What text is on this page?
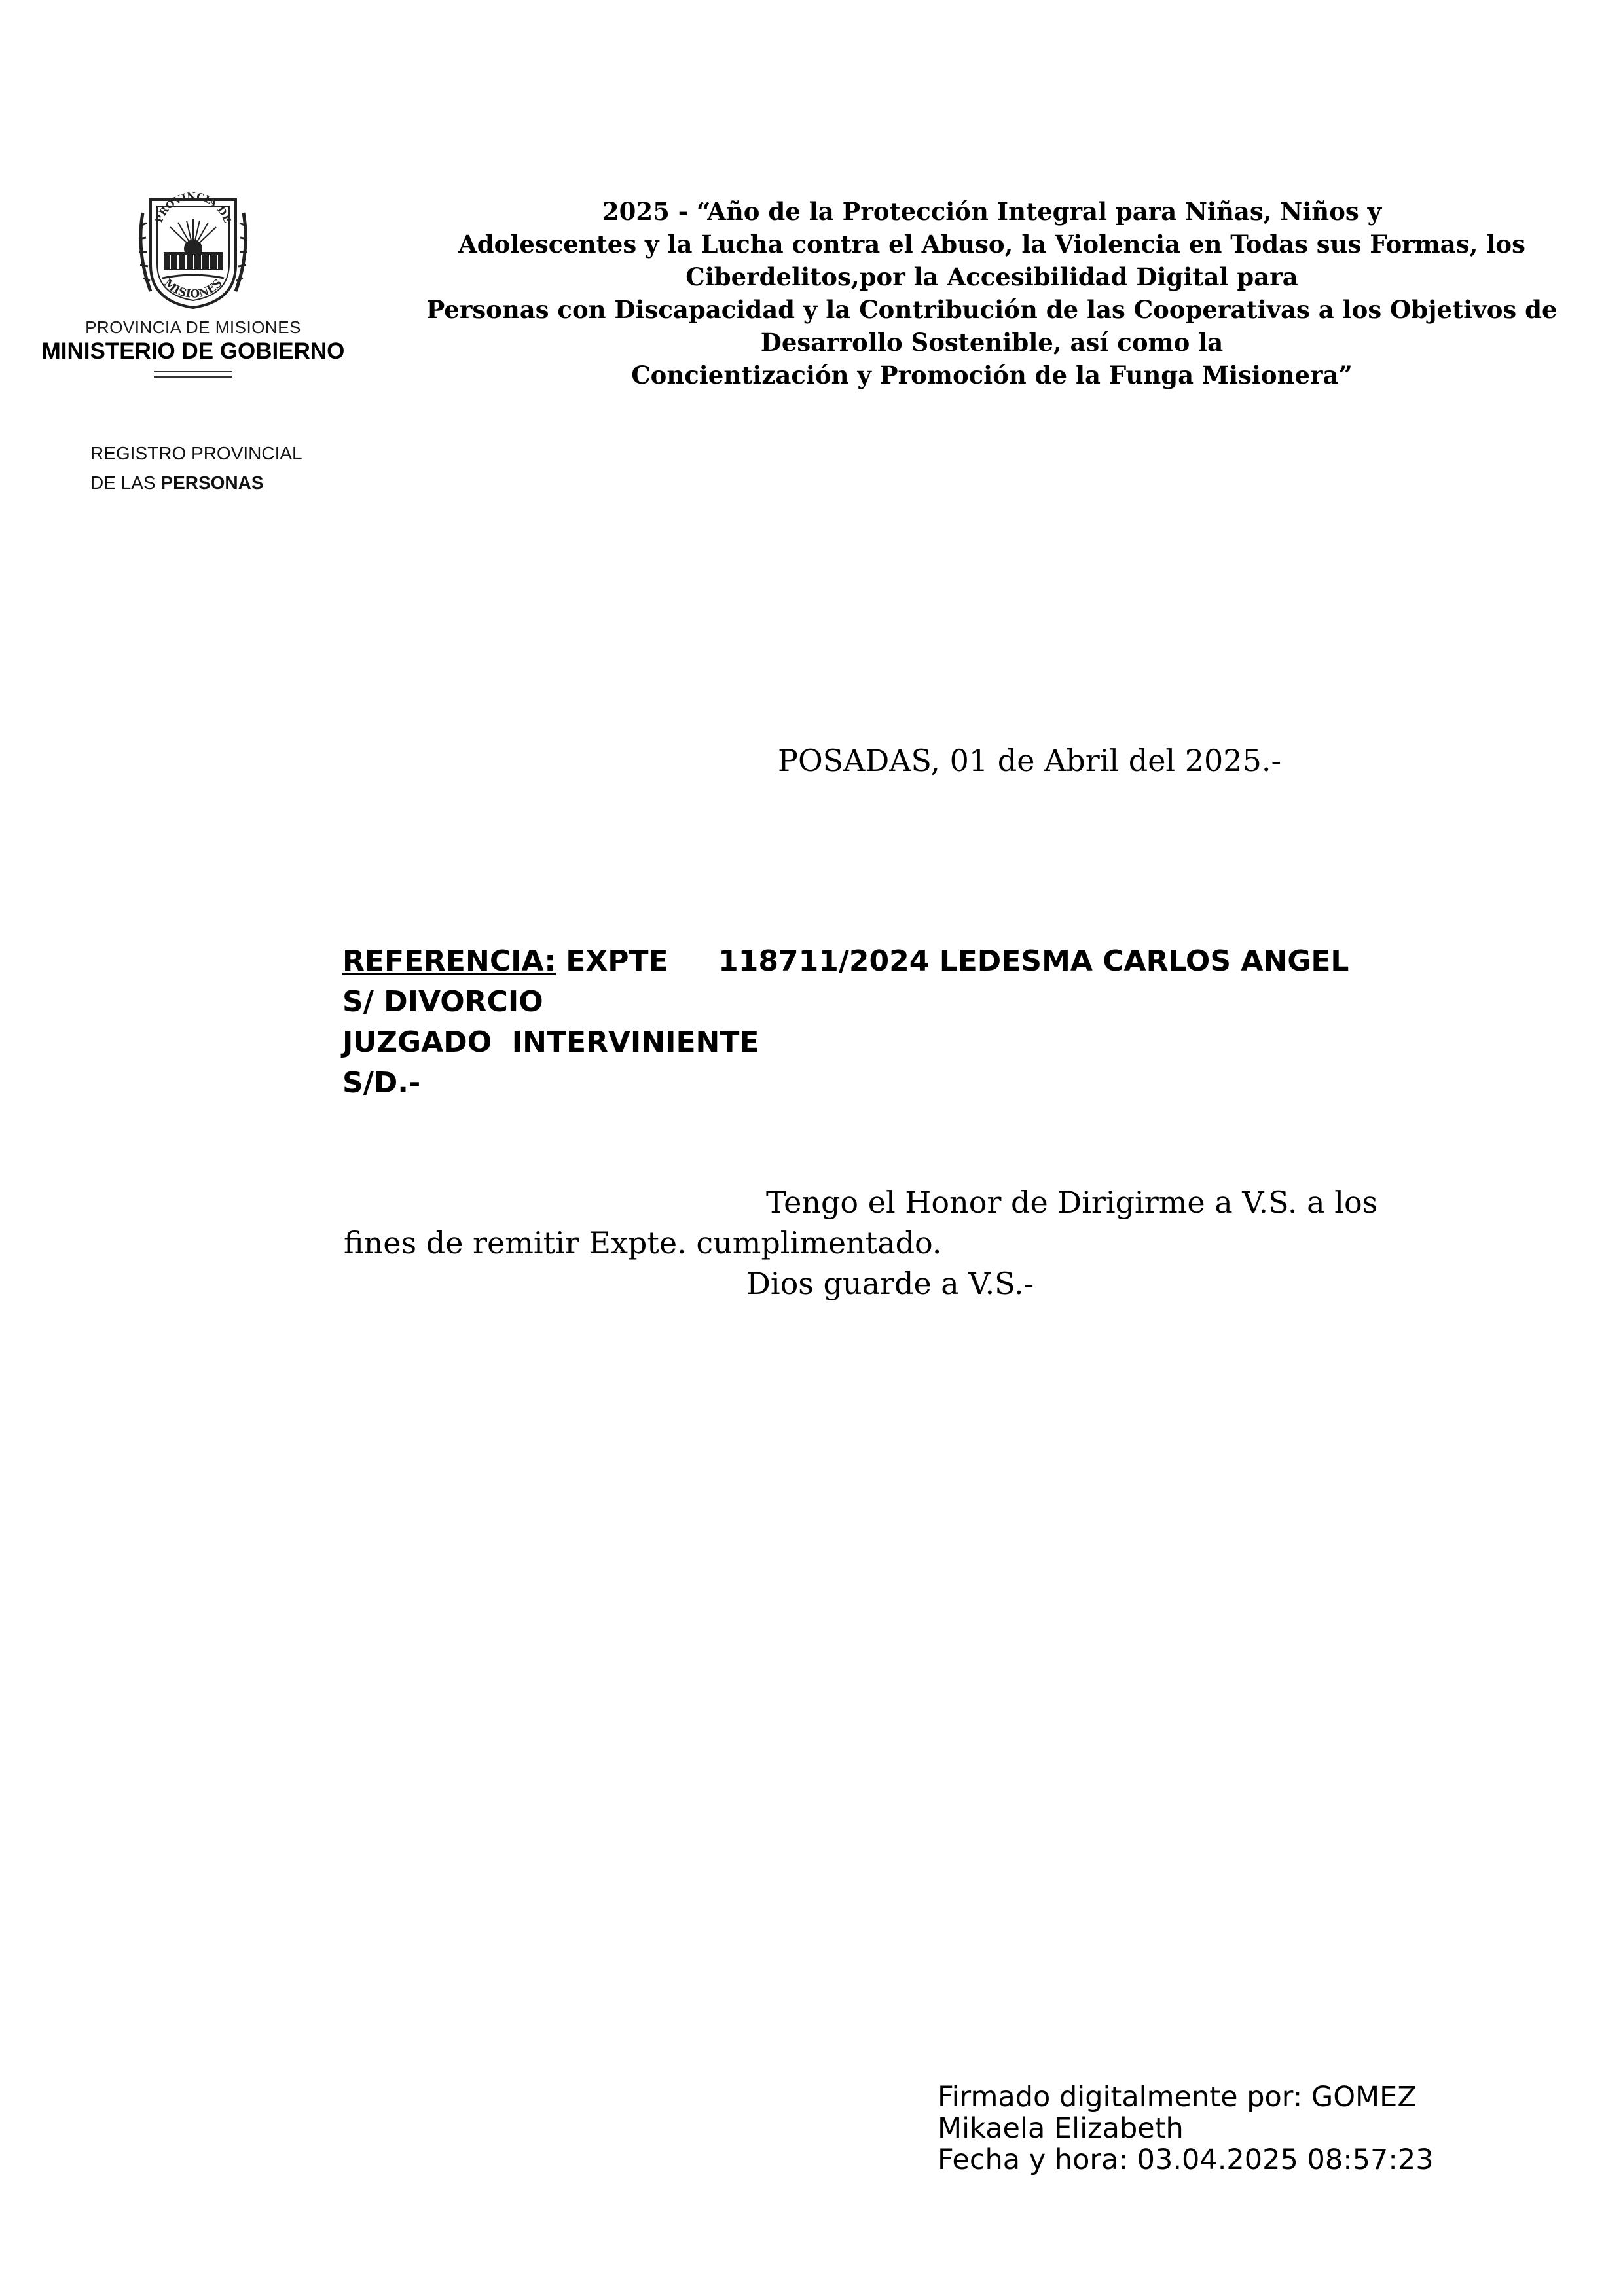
PROVINCIA DE
MISIONES
PROVINCIA DE MISIONES
MINISTERIO DE GOBIERNO
REGISTRO PROVINCIAL
DE LAS PERSONAS
2025 - “Año de la Protección Integral para Niñas, Niños y
Adolescentes y la Lucha contra el Abuso, la Violencia en Todas sus Formas, los
Ciberdelitos,por la Accesibilidad Digital para
Personas con Discapacidad y la Contribución de las Cooperativas a los Objetivos de
Desarrollo Sostenible, así como la
Concientización y Promoción de la Funga Misionera”
POSADAS, 01 de Abril del 2025.-
REFERENCIA: EXPTE     118711/2024 LEDESMA CARLOS ANGEL
S/ DIVORCIO
JUZGADO  INTERVINIENTE
S/D.-
Tengo el Honor de Dirigirme a V.S. a los
fines de remitir Expte. cumplimentado.
Dios guarde a V.S.-
Firmado digitalmente por: GOMEZ
Mikaela Elizabeth
Fecha y hora: 03.04.2025 08:57:23
